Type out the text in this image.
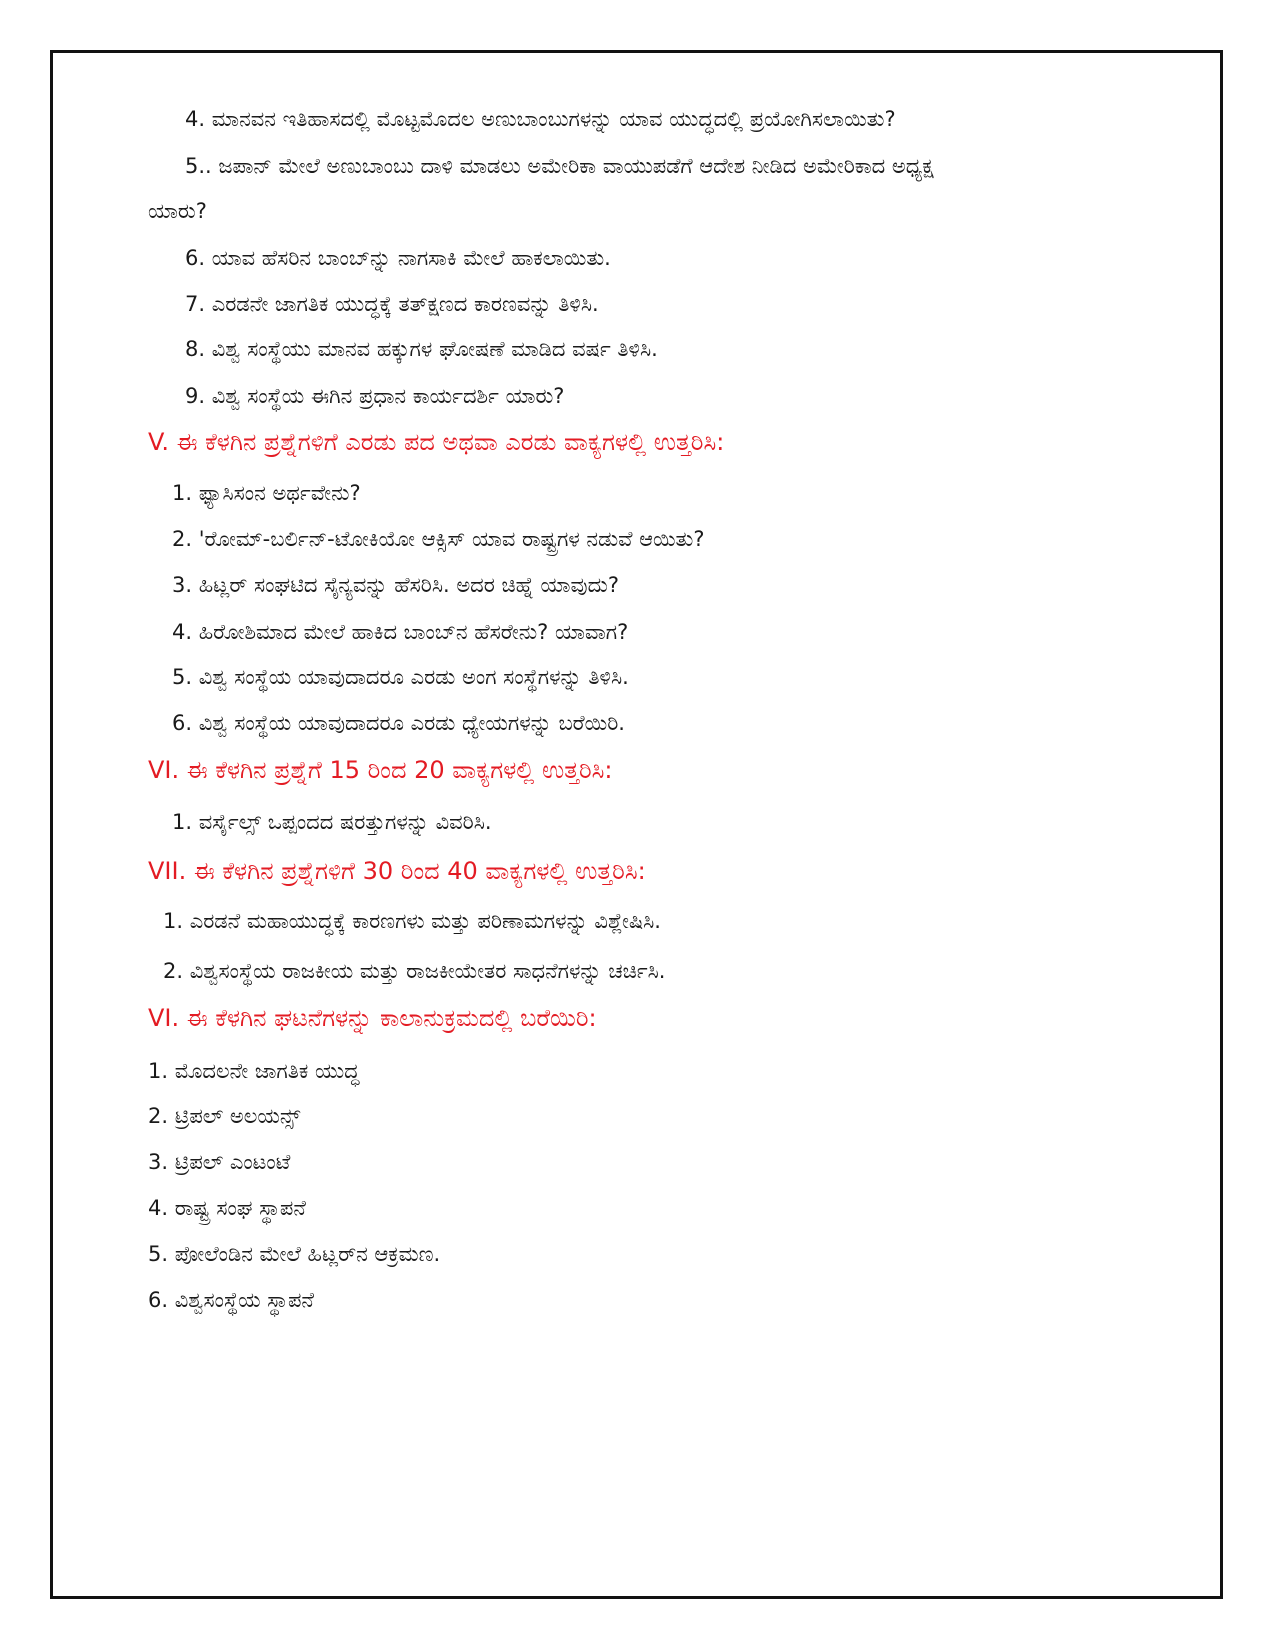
4. ಮಾನವನ ಇತಿಹಾಸದಲ್ಲಿ ಮೊಟ್ಟಮೊದಲ ಅಣುಬಾಂಬುಗಳನ್ನು ಯಾವ ಯುದ್ಧದಲ್ಲಿ ಪ್ರಯೋಗಿಸಲಾಯಿತು?
5.. ಜಪಾನ್ ಮೇಲೆ ಅಣುಬಾಂಬು ದಾಳಿ ಮಾಡಲು ಅಮೇರಿಕಾ ವಾಯುಪಡೆಗೆ ಆದೇಶ ನೀಡಿದ ಅಮೇರಿಕಾದ ಅಧ್ಯಕ್ಷ
ಯಾರು?
6. ಯಾವ ಹೆಸರಿನ ಬಾಂಬ್‌ನ್ನು ನಾಗಸಾಕಿ ಮೇಲೆ ಹಾಕಲಾಯಿತು.
7. ಎರಡನೇ ಜಾಗತಿಕ ಯುದ್ಧಕ್ಕೆ ತತ್‌ಕ್ಷಣದ ಕಾರಣವನ್ನು ತಿಳಿಸಿ.
8. ವಿಶ್ವ ಸಂಸ್ಥೆಯು ಮಾನವ ಹಕ್ಕುಗಳ ಘೋಷಣೆ ಮಾಡಿದ ವರ್ಷ ತಿಳಿಸಿ.
9. ವಿಶ್ವ ಸಂಸ್ಥೆಯ ಈಗಿನ ಪ್ರಧಾನ ಕಾರ್ಯದರ್ಶಿ ಯಾರು?
V. ಈ ಕೆಳಗಿನ ಪ್ರಶ್ನೆಗಳಿಗೆ ಎರಡು ಪದ ಅಥವಾ ಎರಡು ವಾಕ್ಯಗಳಲ್ಲಿ ಉತ್ತರಿಸಿ:
1. ಫ್ಯಾಸಿಸಂನ ಅರ್ಥವೇನು?
2. 'ರೋಮ್-ಬರ್ಲಿನ್-ಟೋಕಿಯೋ ಆಕ್ಸಿಸ್ ಯಾವ ರಾಷ್ಟ್ರಗಳ ನಡುವೆ ಆಯಿತು?
3. ಹಿಟ್ಲರ್ ಸಂಘಟಿದ ಸೈನ್ಯವನ್ನು ಹೆಸರಿಸಿ. ಅದರ ಚಿಹ್ನೆ ಯಾವುದು?
4. ಹಿರೋಶಿಮಾದ ಮೇಲೆ ಹಾಕಿದ ಬಾಂಬ್‌ನ ಹೆಸರೇನು? ಯಾವಾಗ?
5. ವಿಶ್ವ ಸಂಸ್ಥೆಯ ಯಾವುದಾದರೂ ಎರಡು ಅಂಗ ಸಂಸ್ಥೆಗಳನ್ನು ತಿಳಿಸಿ.
6. ವಿಶ್ವ ಸಂಸ್ಥೆಯ ಯಾವುದಾದರೂ ಎರಡು ಧ್ಯೇಯಗಳನ್ನು ಬರೆಯಿರಿ.
VI. ಈ ಕೆಳಗಿನ ಪ್ರಶ್ನೆಗೆ 15 ರಿಂದ 20 ವಾಕ್ಯಗಳಲ್ಲಿ ಉತ್ತರಿಸಿ:
1. ವರ್ಸೈಲ್ಸ್ ಒಪ್ಪಂದದ ಷರತ್ತುಗಳನ್ನು ವಿವರಿಸಿ.
VII. ಈ ಕೆಳಗಿನ ಪ್ರಶ್ನೆಗಳಿಗೆ 30 ರಿಂದ 40 ವಾಕ್ಯಗಳಲ್ಲಿ ಉತ್ತರಿಸಿ:
1. ಎರಡನೆ ಮಹಾಯುದ್ಧಕ್ಕೆ ಕಾರಣಗಳು ಮತ್ತು ಪರಿಣಾಮಗಳನ್ನು ವಿಶ್ಲೇಷಿಸಿ.
2. ವಿಶ್ವಸಂಸ್ಥೆಯ ರಾಜಕೀಯ ಮತ್ತು ರಾಜಕೀಯೇತರ ಸಾಧನೆಗಳನ್ನು ಚರ್ಚಿಸಿ.
VI. ಈ ಕೆಳಗಿನ ಘಟನೆಗಳನ್ನು ಕಾಲಾನುಕ್ರಮದಲ್ಲಿ ಬರೆಯಿರಿ:
1. ಮೊದಲನೇ ಜಾಗತಿಕ ಯುದ್ಧ
2. ಟ್ರಿಪಲ್ ಅಲಯನ್ಸ್
3. ಟ್ರಿಪಲ್ ಎಂಟಂಟೆ
4. ರಾಷ್ಟ್ರ ಸಂಘ ಸ್ಥಾಪನೆ
5. ಪೋಲೆಂಡಿನ ಮೇಲೆ ಹಿಟ್ಲರ್‌ನ ಆಕ್ರಮಣ.
6. ವಿಶ್ವಸಂಸ್ಥೆಯ ಸ್ಥಾಪನೆ
